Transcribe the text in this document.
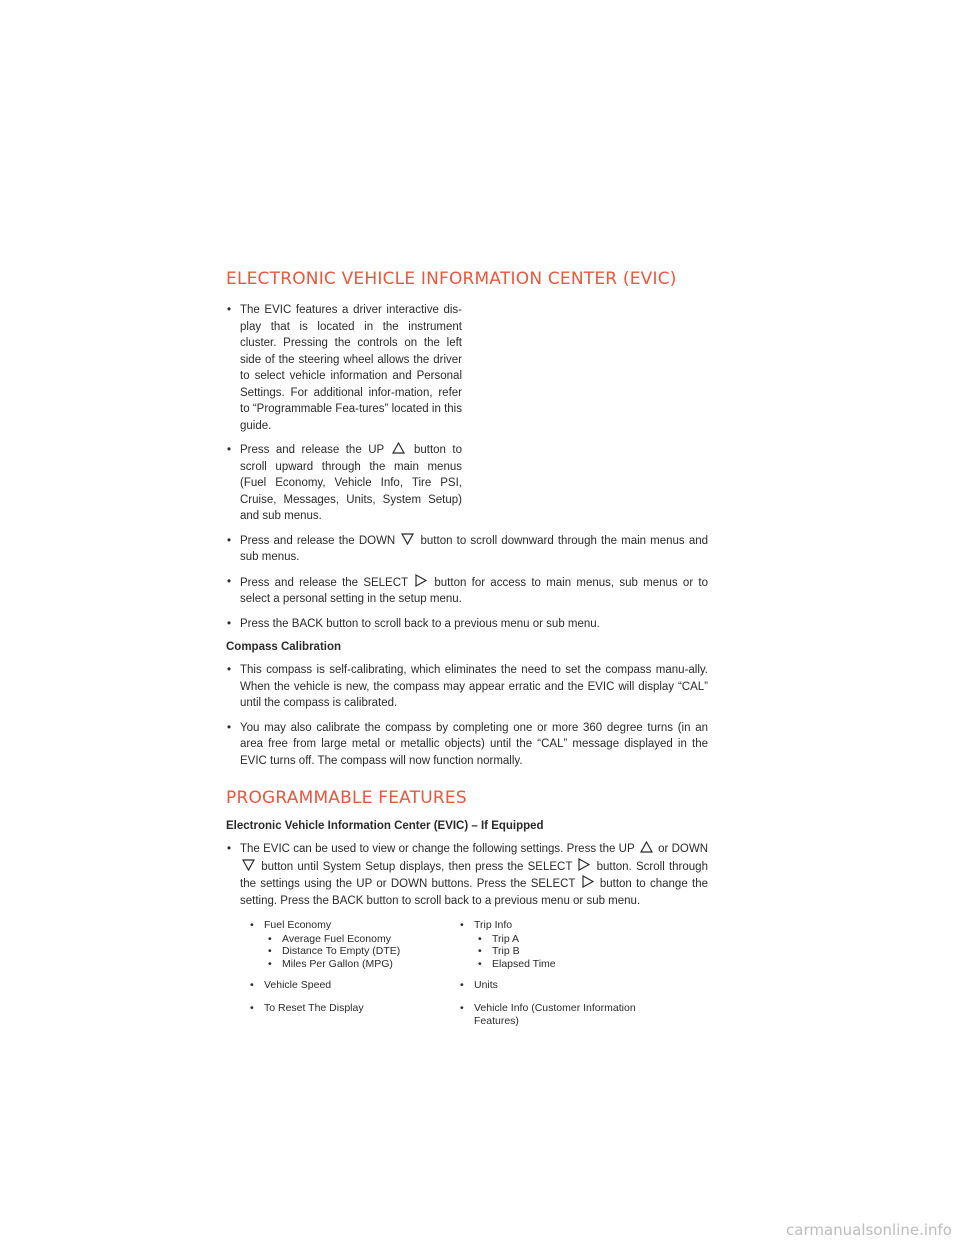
ELECTRONIC VEHICLE INFORMATION CENTER (EVIC)
• The EVIC features a driver interactive dis-play that is located in the instrument cluster. Pressing the controls on the left side of the steering wheel allows the driver to select vehicle information and Personal Settings. For additional infor-mation, refer to “Programmable Fea-tures” located in this guide.
• Press and release the UP	button to scroll upward through the main menus (Fuel Economy, Vehicle Info, Tire PSI, Cruise, Messages, Units, System Setup) and sub menus.
• Press and release the DOWN button to scroll downward through the main menus and sub menus.
• Press and release the SELECT button for access to main menus, sub menus or to select a personal setting in the setup menu.
• Press the BACK button to scroll back to a previous menu or sub menu.
Compass Calibration
• This compass is self-calibrating, which eliminates the need to set the compass manu-ally. When the vehicle is new, the compass may appear erratic and the EVIC will display “CAL” until the compass is calibrated.
• You may also calibrate the compass by completing one or more 360 degree turns (in an area free from large metal or metallic objects) until the “CAL” message displayed in the EVIC turns off. The compass will now function normally.
PROGRAMMABLE FEATURES
Electronic Vehicle Information Center (EVIC) – If Equipped
• The EVIC can be used to view or change the following settings. Press the UP or DOWN
button until System Setup displays, then press the SELECT button. Scroll through the settings using the UP or DOWN buttons. Press the SELECT button to change the setting. Press the BACK button to scroll back to a previous menu or sub menu.
• Fuel Economy
• Average Fuel Economy
• Distance To Empty (DTE)
• Miles Per Gallon (MPG)
• Vehicle Speed
• To Reset The Display
• Trip Info
• Trip A
• Trip B
• Elapsed Time
• Units
• Vehicle Info (Customer Information Features)
carmanualsonline.info
